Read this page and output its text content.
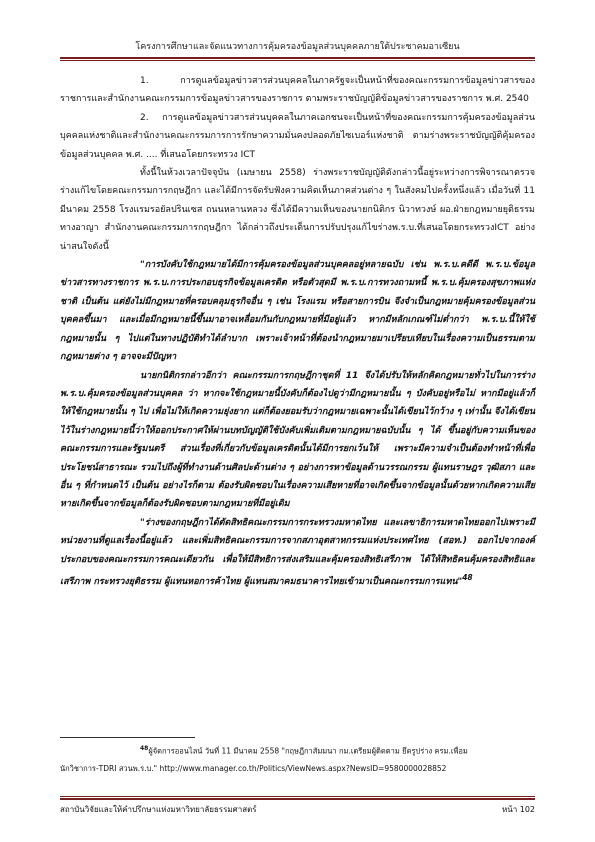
โครงการศึกษาและจัดแนวทางการคุ้มครองข้อมูลส่วนบุคคลภายใต้ประชาคมอาเซียน

1. การดูแลข้อมูลข่าวสารส่วนบุคคลในภาครัฐจะเป็นหน้าที่ของคณะกรรมการข้อมูลข่าวสารของราชการและสำนักงานคณะกรรมการข้อมูลข่าวสารของราชการ ตามพระราชบัญญัติข้อมูลข่าวสารของราชการ พ.ศ. 2540

2. การดูแลข้อมูลข่าวสารส่วนบุคคลในภาคเอกชนจะเป็นหน้าที่ของคณะกรรมการคุ้มครองข้อมูลส่วนบุคคลแห่งชาติและสำนักงานคณะกรรมการการรักษาความมั่นคงปลอดภัยไซเบอร์แห่งชาติ ตามร่างพระราชบัญญัติคุ้มครองข้อมูลส่วนบุคคล พ.ศ. .... ที่เสนอโดยกระทรวง ICT

ทั้งนี้ในห้วงเวลาปัจจุบัน (เมษายน 2558) ร่างพระราชบัญญัติดังกล่าวนี้อยู่ระหว่างการพิจารณาตรวจร่างแก้ไขโดยคณะกรรมการกฤษฎีกา และได้มีการจัดรับฟังความคิดเห็นภาคส่วนต่าง ๆ ในสังคมไปครั้งหนึ่งแล้ว เมื่อวันที่ 11 มีนาคม 2558 โรงแรมรอยัลปรินเซส ถนนหลานหลวง ซึ่งได้มีความเห็นของนายกนิติกร นิวาทวงษ์ ผอ.ฝ่ายกฎหมายยุติธรรมทางอาญา สำนักงานคณะกรรมการกฤษฎีกา ได้กล่าวถึงประเด็นการปรับปรุงแก้ไขร่างพ.ร.บ.ที่เสนอโดยกระทรวงICT อย่างน่าสนใจดังนี้

"การบังคับใช้กฎหมายได้มีการคุ้มครองข้อมูลส่วนบุคคลอยู่หลายฉบับ เช่น พ.ร.บ.คดีดี พ.ร.บ.ข้อมูลข่าวสารทางราชการ พ.ร.บ.การประกอบธุรกิจข้อมูลเครดิต หรือตัวสุดมี พ.ร.บ.การทวงถามหนี้ พ.ร.บ.คุ้มครองสุขภาพแห่งชาติ เป็นต้น แต่ยังไม่มีกฎหมายที่ครอบคลุมธุรกิจอื่น ๆ เช่น โรงแรม หรือสายการบิน จึงจำเป็นกฎหมายคุ้มครองข้อมูลส่วนบุคคลขึ้นมา และเมื่อมีกฎหมายนี้ขึ้นมาอาจเหลื่อมกันกับกฎหมายที่มีอยู่แล้ว หากมีหลักเกณฑ์ไม่ต่ำกว่า พ.ร.บ.นี้ให้ใช้กฎหมายนั้น ๆ ไปแต่ในทางปฏิบัติทำได้ลำบาก เพราะเจ้าหน้าที่ต้องนำกฎหมายมาเปรียบเทียบในเรื่องความเป็นธรรมตามกฎหมายต่าง ๆ อาจจะมีปัญหา

นายกนิติกรกล่าวอีกว่า คณะกรรมการกฤษฎีกาชุดที่ 11 จึงได้ปรับให้หลักคิดกฎหมายทั่วไปในการร่าง พ.ร.บ.คุ้มครองข้อมูลส่วนบุคคล ว่า หากจะใช้กฎหมายนี้บังคับก็ต้องไปดูว่ามีกฎหมายนั้น ๆ บังคับอยู่หรือไม่ หากมีอยู่แล้วก็ให้ใช้กฎหมายนั้น ๆ ไป เพื่อไม่ให้เกิดความยุ่งยาก แต่ก็ต้องยอมรับว่ากฎหมายเฉพาะนั้นได้เขียนไว้กว้าง ๆ เท่านั้น จึงได้เขียนไว้ในร่างกฎหมายนี้ว่าให้ออกประกาศให้ผ่านบทบัญญัติใช้บังคับเพิ่มเติมตามกฎหมายฉบับนั้น ๆ ได้ ขึ้นอยู่กับความเห็นของคณะกรรมการและรัฐมนตรี ส่วนเรื่องที่เกี่ยวกับข้อมูลเครดิตนั้นได้มีการยกเว้นให้ เพราะมีความจำเป็นต้องทำหน้าที่เพื่อประโยชน์สาธารณะ รวมไปถึงผู้ที่ทำงานด้านศิลปะด้านต่าง ๆ อย่างการหาข้อมูลด้านวรรณกรรม ผู้แทนราษฎร วุฒิสภา และอื่น ๆ ที่กำหนดไว้ เป็นต้น อย่างไรก็ตาม ต้องรับผิดชอบในเรื่องความเสียหายที่อาจเกิดขึ้นจากข้อมูลนั้นด้วยหากเกิดความเสียหายเกิดขึ้นจากข้อมูลก็ต้องรับผิดชอบตามกฎหมายที่มีอยู่เดิม

"ร่างของกฤษฎีกาได้ตัดสิทธิคณะกรรมการกระทรวงมหาดไทย และเลขาธิการมหาดไทยออกไปเพราะมีหน่วยงานที่ดูแลเรื่องนี้อยู่แล้ว และเพิ่มสิทธิคณะกรรมการจากสภาอุตสาหกรรมแห่งประเทศไทย (สอท.) ออกไปจากองค์ประกอบของคณะกรรมการคณะเดียวกัน เพื่อให้มีสิทธิการส่งเสริมและคุ้มครองสิทธิเสรีภาพ ได้ให้สิทธิคนคุ้มครองสิทธิและเสรีภาพ กระทรวงยุติธรรม ผู้แทนหอการค้าไทย ผู้แทนสมาคมธนาคารไทยเข้ามาเป็นคณะกรรมการแทน"$^{48}$

$^{48}$ผู้จัดการออนไลน์ วันที่ 11 มีนาคม 2558 "กฤษฎีกาสัมมนา กม.เตรียมผู้ติดตาม ยึดรูปร่าง ครม.เพื่อม
นักวิชาการ-TDRI สวนพ.ร.บ." http://www.manager.co.th/Politics/ViewNews.aspx?NewsID=9580000028852
สถาบันวิจัยและให้คำปรึกษาแห่งมหาวิทยาลัยธรรมศาสตร์	หน้า 102
